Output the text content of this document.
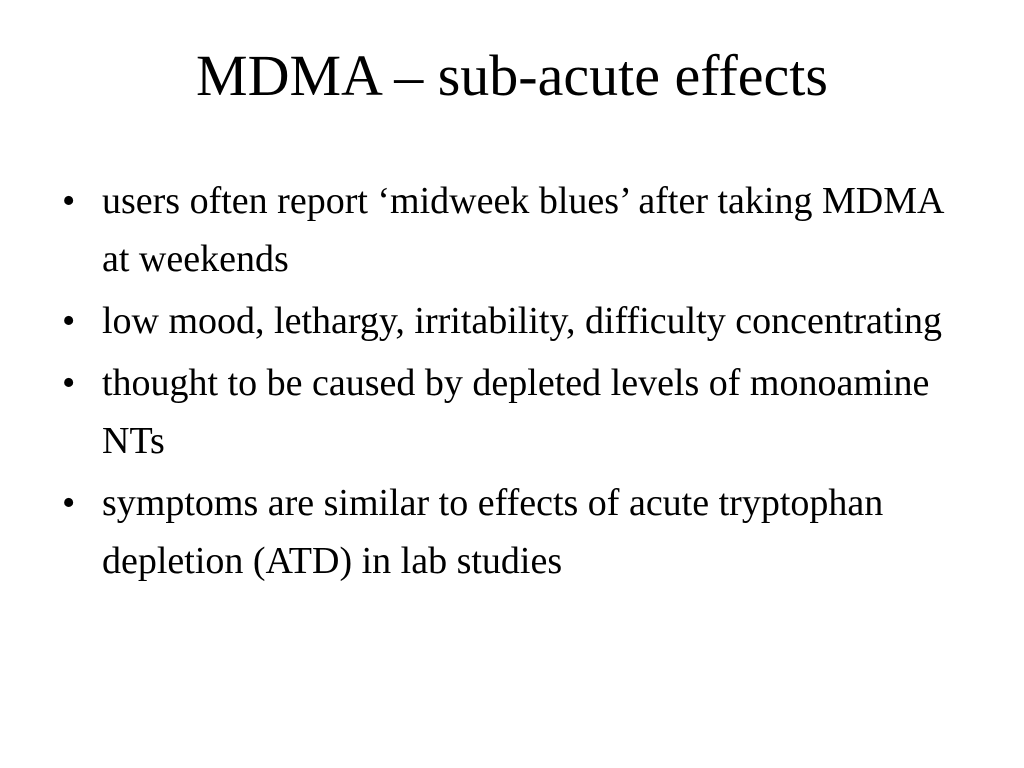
MDMA – sub-acute effects
• users often report ‘midweek blues’ after taking MDMA at weekends
• low mood, lethargy, irritability, difficulty concentrating
• thought to be caused by depleted levels of monoamine NTs
• symptoms are similar to effects of acute tryptophan depletion (ATD) in lab studies
